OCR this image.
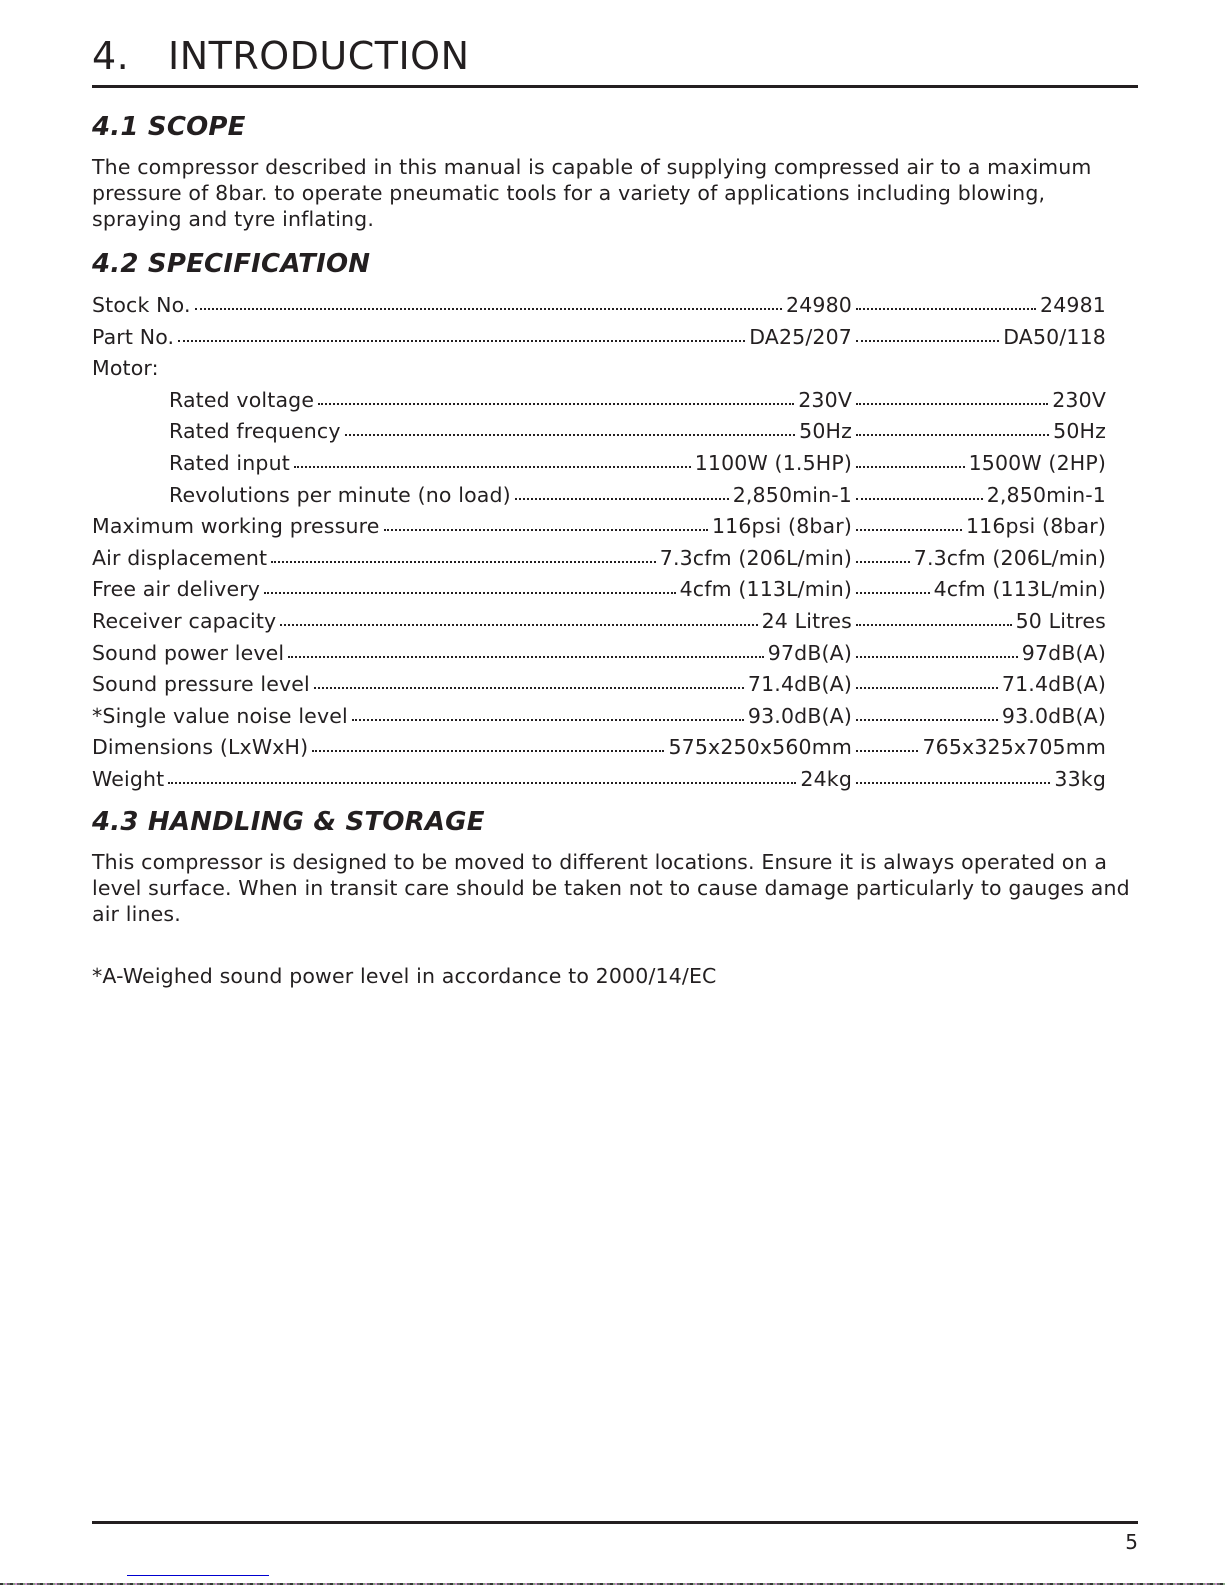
4. INTRODUCTION
4.1 SCOPE

The compressor described in this manual is capable of supplying compressed air to a maximum pressure of 8bar. to operate pneumatic tools for a variety of applications including blowing, spraying and tyre inflating.

4.2 SPECIFICATION
Stock No.	24980	24981
Part No.	DA25/207	DA50/118
Motor:
Rated voltage	230V	230V
Rated frequency	50Hz	50Hz
Rated input	1100W (1.5HP)	1500W (2HP)
Revolutions per minute (no load)	2,850min-1	2,850min-1
Maximum working pressure	116psi (8bar)	116psi (8bar)
Air displacement	7.3cfm (206L/min)	7.3cfm (206L/min)
Free air delivery	4cfm (113L/min)	4cfm (113L/min)
Receiver capacity	24 Litres	50 Litres
Sound power level	97dB(A)	97dB(A)
Sound pressure level	71.4dB(A)	71.4dB(A)
*Single value noise level	93.0dB(A)	93.0dB(A)
Dimensions (LxWxH)	575x250x560mm	765x325x705mm
Weight	24kg	33kg
4.3 HANDLING & STORAGE

This compressor is designed to be moved to different locations. Ensure it is always operated on a level surface. When in transit care should be taken not to cause damage particularly to gauges and air lines.

*A-Weighed sound power level in accordance to 2000/14/EC

5
